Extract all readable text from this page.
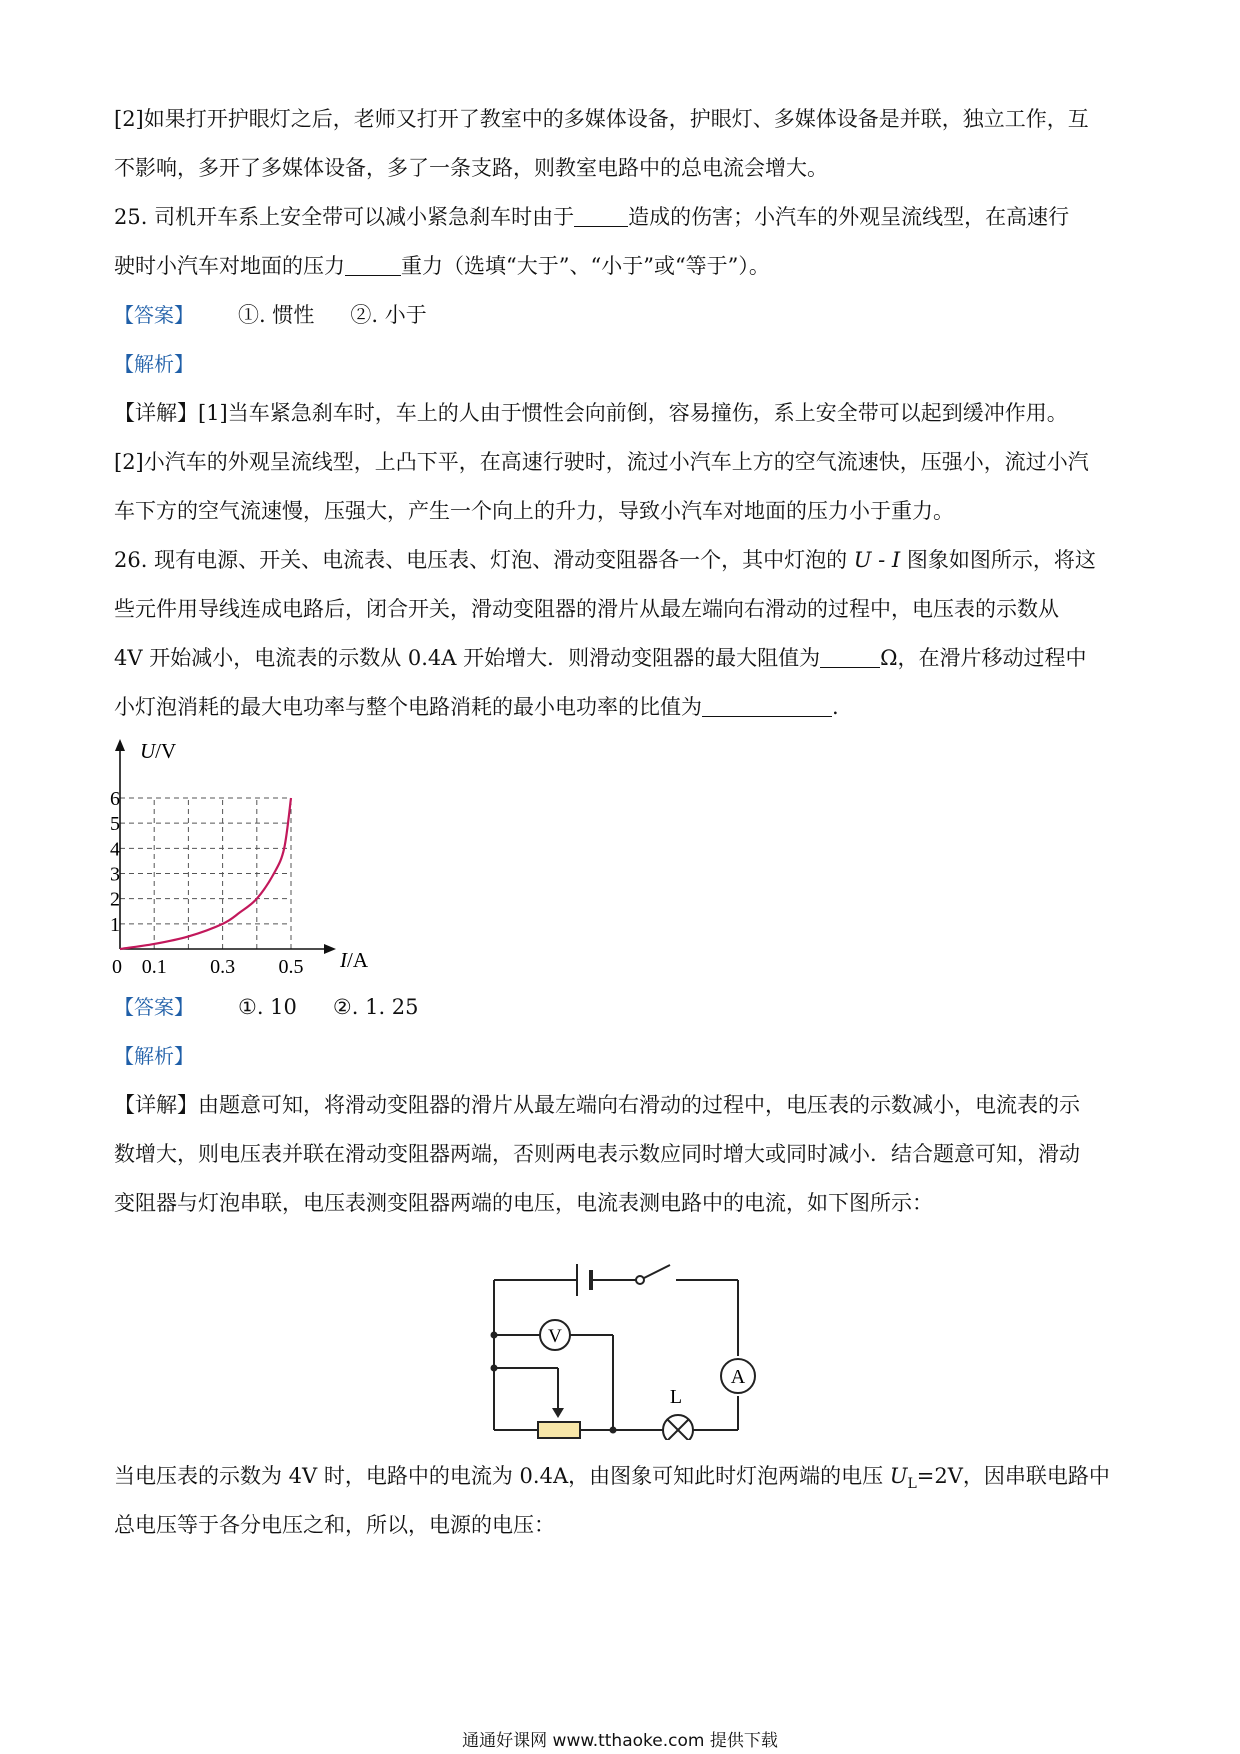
[2]如果打开护眼灯之后，老师又打开了教室中的多媒体设备，护眼灯、多媒体设备是并联，独立工作，互

不影响，多开了多媒体设备，多了一条支路，则教室电路中的总电流会增大。

25. 司机开车系上安全带可以减小紧急刹车时由于	造成的伤害；小汽车的外观呈流线型，在高速行

驶时小汽车对地面的压力	重力（选填“大于”、“小于”或“等于”）。

【答案】 ①. 惯性 ②. 小于

【解析】

【详解】[1]当车紧急刹车时，车上的人由于惯性会向前倒，容易撞伤，系上安全带可以起到缓冲作用。

[2]小汽车的外观呈流线型，上凸下平，在高速行驶时，流过小汽车上方的空气流速快，压强小，流过小汽

车下方的空气流速慢，压强大，产生一个向上的升力，导致小汽车对地面的压力小于重力。

26. 现有电源、开关、电流表、电压表、灯泡、滑动变阻器各一个，其中灯泡的 U - I 图象如图所示，将这

些元件用导线连成电路后，闭合开关，滑动变阻器的滑片从最左端向右滑动的过程中，电压表的示数从

4V 开始减小，电流表的示数从 0.4A 开始增大．则滑动变阻器的最大阻值为	Ω，在滑片移动过程中

小灯泡消耗的最大电功率与整个电路消耗的最小电功率的比值为	.

1
2
3
4
5
6
0 0.1 0.3 0.5
U/V
I/A

【答案】 ①. 10 ②. 1. 25

【解析】

【详解】由题意可知，将滑动变阻器的滑片从最左端向右滑动的过程中，电压表的示数减小，电流表的示

数增大，则电压表并联在滑动变阻器两端，否则两电表示数应同时增大或同时减小．结合题意可知，滑动

变阻器与灯泡串联，电压表测变阻器两端的电压，电流表测电路中的电流，如下图所示：

V
A
L

当电压表的示数为 4V 时，电路中的电流为 0.4A，由图象可知此时灯泡两端的电压 $U_L=2V$，因串联电路中

总电压等于各分电压之和，所以，电源的电压：

通通好课网 www.tthaoke.com 提供下载
